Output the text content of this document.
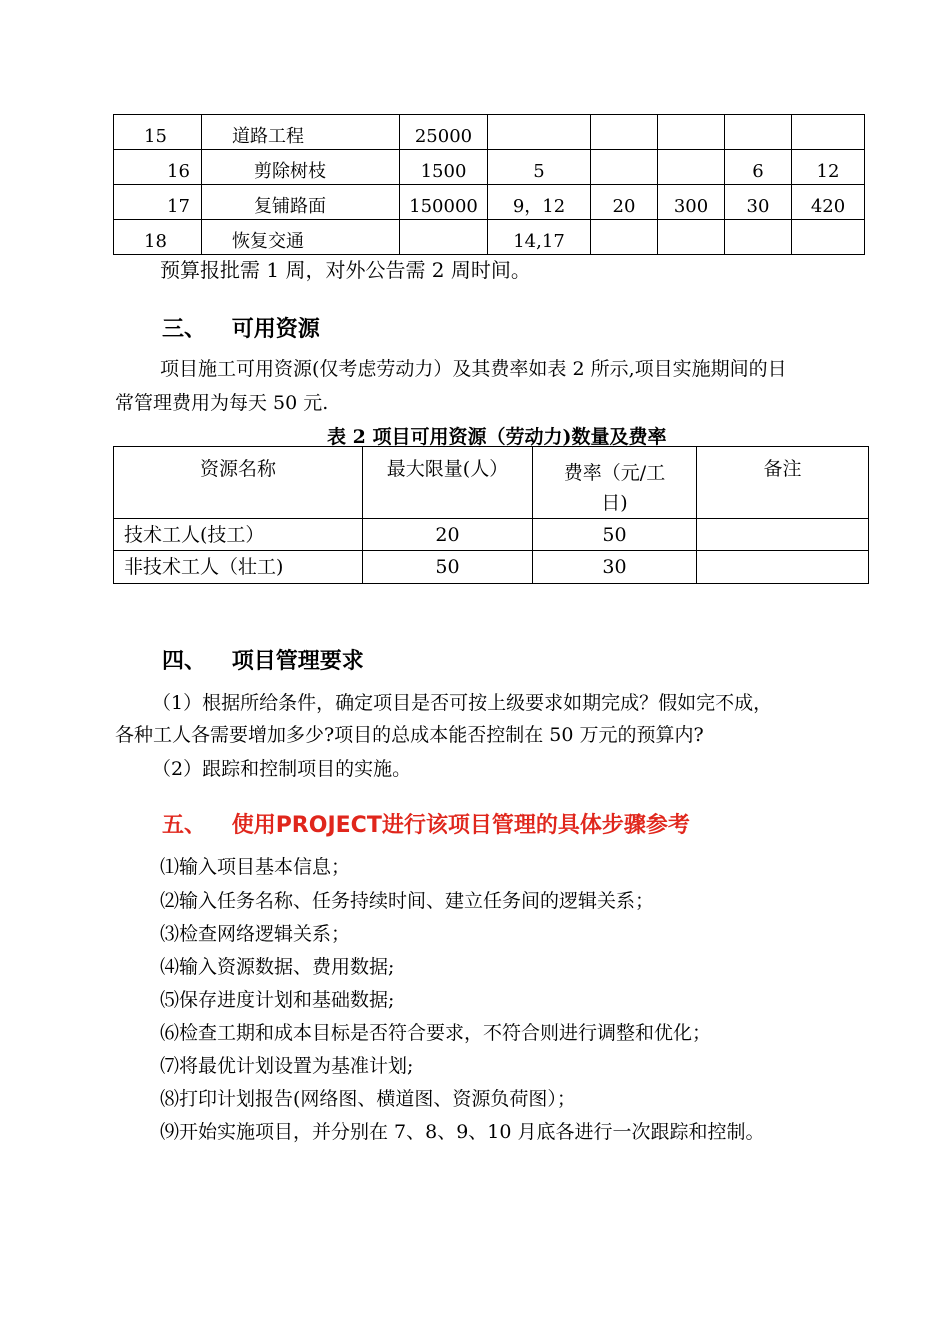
15	道路工程	25000					
16	剪除树枝	1500	5			6	12
17	复铺路面	150000	9，12	20	300	30	420
18	恢复交通		14,17				
预算报批需 1 周，对外公告需 2 周时间。
三、 可用资源
项目施工可用资源(仅考虑劳动力）及其费率如表 2 所示,项目实施期间的日
常管理费用为每天 50 元.
表 2 项目可用资源（劳动力)数量及费率
资源名称	最大限量(人）	费率（元/工
日)	备注
技术工人(技工）	20	50	
非技术工人（壮工)	50	30	
四、 项目管理要求
（1）根据所给条件，确定项目是否可按上级要求如期完成？假如完不成，
各种工人各需要增加多少?项目的总成本能否控制在 50 万元的预算内?
（2）跟踪和控制项目的实施。
五、 使用PROJECT进行该项目管理的具体步骤参考
⑴输入项目基本信息；
⑵输入任务名称、任务持续时间、建立任务间的逻辑关系；
⑶检查网络逻辑关系；
⑷输入资源数据、费用数据;
⑸保存进度计划和基础数据;
⑹检查工期和成本目标是否符合要求，不符合则进行调整和优化；
⑺将最优计划设置为基准计划;
⑻打印计划报告(网络图、横道图、资源负荷图）；
⑼开始实施项目，并分别在 7、8、9、10 月底各进行一次跟踪和控制。
